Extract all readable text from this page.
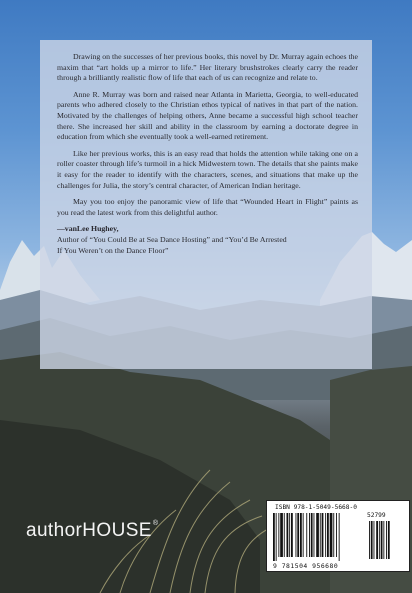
Drawing on the successes of her previous books, this novel by Dr. Murray again echoes the maxim that “art holds up a mirror to life.” Her literary brushstrokes clearly carry the reader through a brilliantly realistic flow of life that each of us can recognize and relate to.

Anne R. Murray was born and raised near Atlanta in Marietta, Georgia, to well-educated parents who adhered closely to the Christian ethos typical of natives in that part of the nation. Motivated by the challenges of helping others, Anne became a successful high school teacher there. She increased her skill and ability in the classroom by earning a doctorate degree in education from which she eventually took a well-earned retirement.

Like her previous works, this is an easy read that holds the attention while taking one on a roller coaster through life’s turmoil in a hick Midwestern town. The details that she paints make it easy for the reader to identify with the characters, scenes, and situations that make up the challenges for Julia, the story’s central character, of American Indian heritage.

May you too enjoy the panoramic view of life that “Wounded Heart in Flight” paints as you read the latest work from this delightful author.

—vanLee Hughey,
Author of “You Could Be at Sea Dance Hosting” and “You’d Be Arrested
If You Weren’t on the Dance Floor”
authorHOUSE®
ISBN 978-1-5049-5668-0
52799
9 781504 956680
